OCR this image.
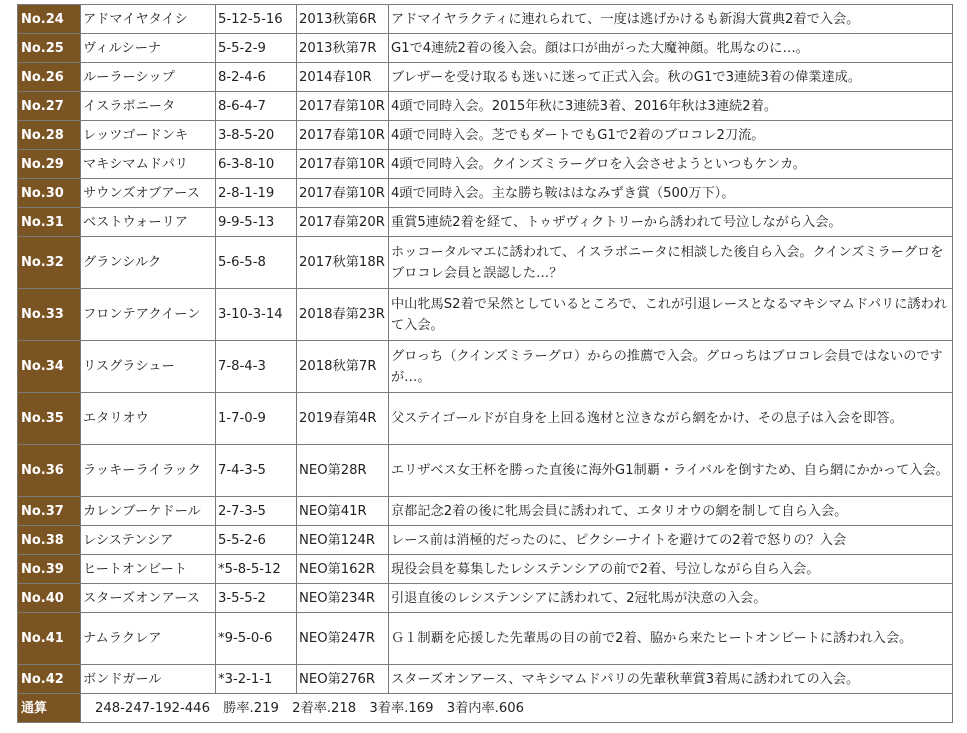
No.24	アドマイヤタイシ	5-12-5-16	2013秋第6R	アドマイヤラクティに連れられて、一度は逃げかけるも新潟大賞典2着で入会。
No.25	ヴィルシーナ	5-5-2-9	2013秋第7R	G1で4連続2着の後入会。顔は口が曲がった大魔神顔。牝馬なのに…。
No.26	ルーラーシップ	8-2-4-6	2014春10R	ブレザーを受け取るも迷いに迷って正式入会。秋のG1で3連続3着の偉業達成。
No.27	イスラボニータ	8-6-4-7	2017春第10R	4頭で同時入会。2015年秋に3連続3着、2016年秋は3連続2着。
No.28	レッツゴードンキ	3-8-5-20	2017春第10R	4頭で同時入会。芝でもダートでもG1で2着のブロコレ2刀流。
No.29	マキシマムドパリ	6-3-8-10	2017春第10R	4頭で同時入会。クインズミラーグロを入会させようといつもケンカ。
No.30	サウンズオブアース	2-8-1-19	2017春第10R	4頭で同時入会。主な勝ち鞍ははなみずき賞（500万下）。
No.31	ベストウォーリア	9-9-5-13	2017春第20R	重賞5連続2着を経て、トゥザヴィクトリーから誘われて号泣しながら入会。
No.32	グランシルク	5-6-5-8	2017秋第18R	ホッコータルマエに誘われて、イスラボニータに相談した後自ら入会。クインズミラーグロをブロコレ会員と誤認した…？
No.33	フロンテアクイーン	3-10-3-14	2018春第23R	中山牝馬S2着で呆然としているところで、これが引退レースとなるマキシマムドパリに誘われて入会。
No.34	リスグラシュー	7-8-4-3	2018秋第7R	グロっち（クインズミラーグロ）からの推薦で入会。グロっちはブロコレ会員ではないのですが…。
No.35	エタリオウ	1-7-0-9	2019春第4R	父ステイゴールドが自身を上回る逸材と泣きながら網をかけ、その息子は入会を即答。
No.36	ラッキーライラック	7-4-3-5	NEO第28R	エリザベス女王杯を勝った直後に海外G1制覇・ライバルを倒すため、自ら網にかかって入会。
No.37	カレンブーケドール	2-7-3-5	NEO第41R	京都記念2着の後に牝馬会員に誘われて、エタリオウの網を制して自ら入会。
No.38	レシステンシア	5-5-2-6	NEO第124R	レース前は消極的だったのに、ピクシーナイトを避けての2着で怒りの？入会
No.39	ヒートオンビート	*5-8-5-12	NEO第162R	現役会員を募集したレシステンシアの前で2着、号泣しながら自ら入会。
No.40	スターズオンアース	3-5-5-2	NEO第234R	引退直後のレシステンシアに誘われて、2冠牝馬が決意の入会。
No.41	ナムラクレア	*9-5-0-6	NEO第247R	Ｇ１制覇を応援した先輩馬の目の前で2着、脇から来たヒートオンビートに誘われ入会。
No.42	ボンドガール	*3-2-1-1	NEO第276R	スターズオンアース、マキシマムドパリの先輩秋華賞3着馬に誘われての入会。
通算	248-247-192-446　勝率.219　2着率.218　3着率.169　3着内率.606			
